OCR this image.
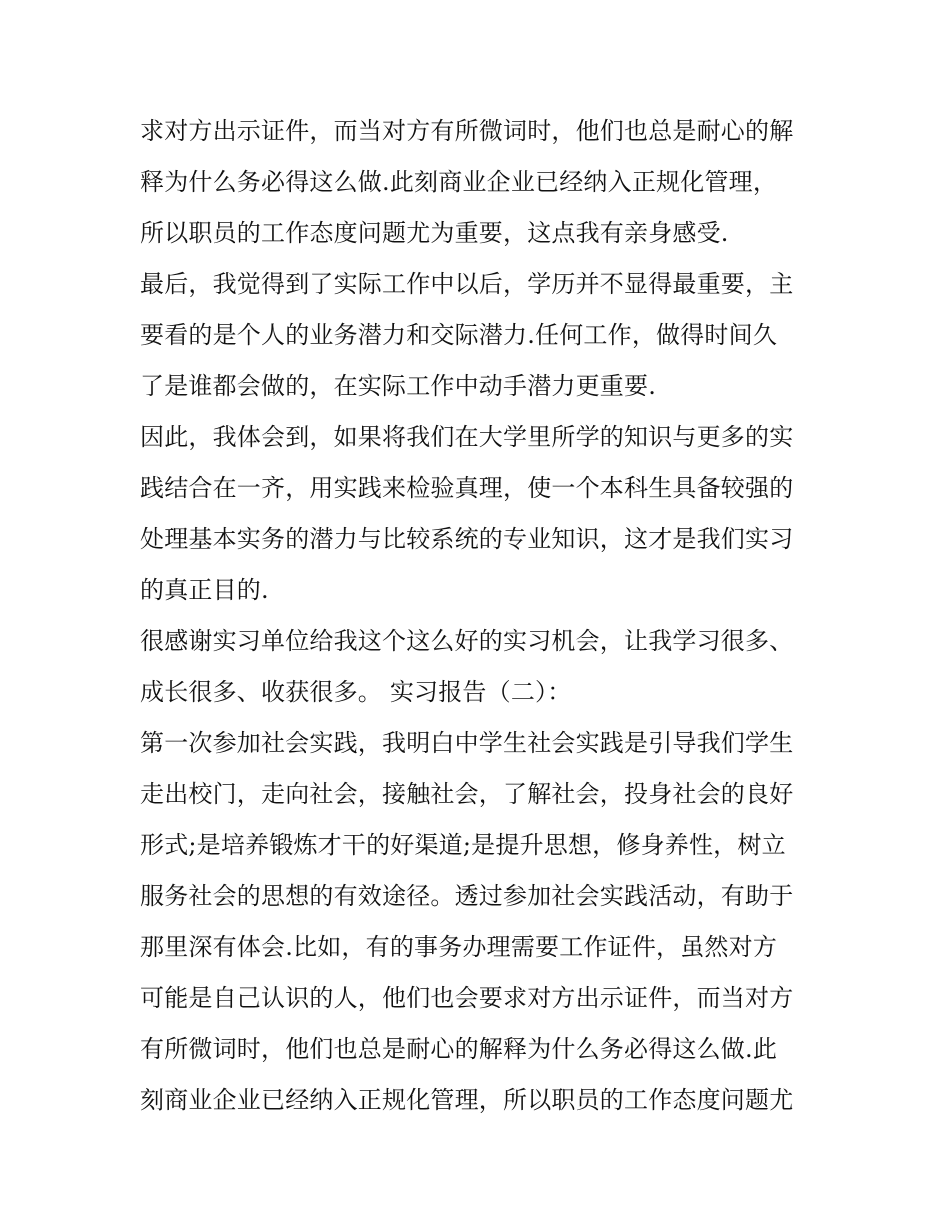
求对方出示证件，而当对方有所微词时，他们也总是耐心的解
释为什么务必得这么做.此刻商业企业已经纳入正规化管理，
所以职员的工作态度问题尤为重要，这点我有亲身感受.
最后，我觉得到了实际工作中以后，学历并不显得最重要，主
要看的是个人的业务潜力和交际潜力.任何工作，做得时间久
了是谁都会做的，在实际工作中动手潜力更重要.
因此，我体会到，如果将我们在大学里所学的知识与更多的实
践结合在一齐，用实践来检验真理，使一个本科生具备较强的
处理基本实务的潜力与比较系统的专业知识，这才是我们实习
的真正目的.
很感谢实习单位给我这个这么好的实习机会，让我学习很多、
成长很多、收获很多。 实习报告（二）：
第一次参加社会实践，我明白中学生社会实践是引导我们学生
走出校门，走向社会，接触社会，了解社会，投身社会的良好
形式;是培养锻炼才干的好渠道;是提升思想，修身养性，树立
服务社会的思想的有效途径。透过参加社会实践活动，有助于
那里深有体会.比如，有的事务办理需要工作证件，虽然对方
可能是自己认识的人，他们也会要求对方出示证件，而当对方
有所微词时，他们也总是耐心的解释为什么务必得这么做.此
刻商业企业已经纳入正规化管理，所以职员的工作态度问题尤
